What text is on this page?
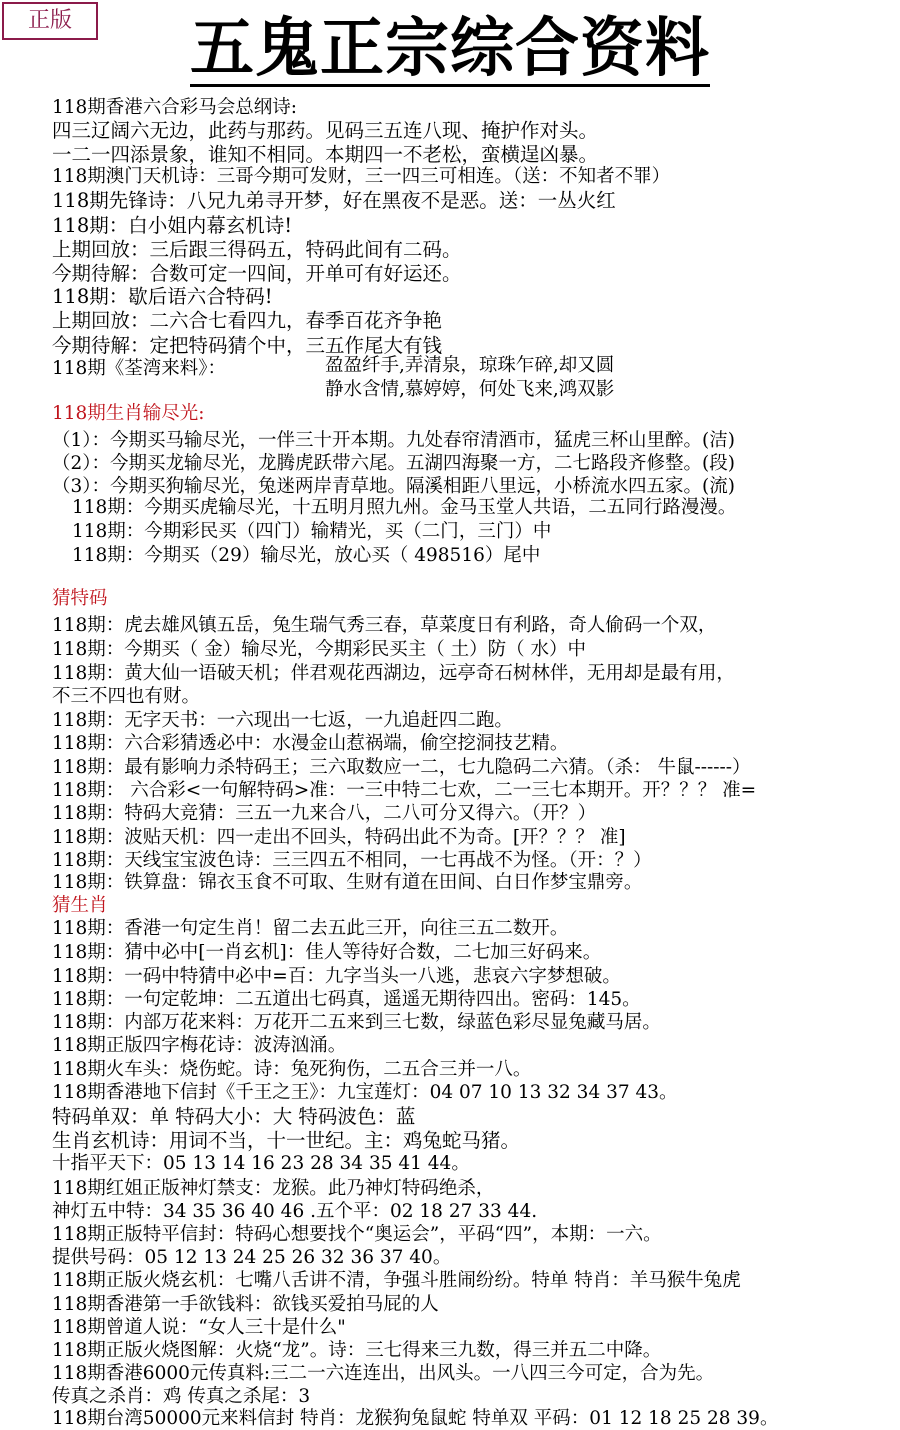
正版	五鬼正宗综合资料
118期香港六合彩马会总纲诗:
四三辽阔六无边，此药与那药。见码三五连八现、掩护作对头。
一二一四添景象，谁知不相同。本期四一不老松，蛮横逞凶暴。
118期澳门天机诗：三哥今期可发财，三一四三可相连。（送：不知者不罪）
118期先锋诗：八兄九弟寻开梦，好在黑夜不是恶。送：一丛火红
118期：白小姐内幕玄机诗!
上期回放：三后跟三得码五，特码此间有二码。
今期待解：合数可定一四间，开单可有好运还。
118期：歇后语六合特码!
上期回放：二六合七看四九，春季百花齐争艳
今期待解：定把特码猜个中，三五作尾大有钱
118期《荃湾来料》：	盈盈纤手,弄清泉，琼珠乍碎,却又圆
静水含情,慕婷婷，何处飞来,鸿双影
118期生肖输尽光:
（1）：今期买马输尽光，一伴三十开本期。九处春帘清酒市，猛虎三杯山里醉。(洁)
（2）：今期买龙输尽光，龙腾虎跃带六尾。五湖四海聚一方，二七路段齐修整。(段)
（3）：今期买狗输尽光，兔迷两岸青草地。隔溪相距八里远，小桥流水四五家。(流)
118期：今期买虎输尽光，十五明月照九州。金马玉堂人共语，二五同行路漫漫。
118期：今期彩民买（四门）输精光，买（二门，三门）中
118期：今期买（29）输尽光，放心买（ 498516）尾中
猜特码
118期：虎去雄风镇五岳，兔生瑞气秀三春，草菜度日有利路，奇人偷码一个双，
118期：今期买（ 金）输尽光，今期彩民买主（ 土）防（ 水）中
118期：黄大仙一语破天机；伴君观花西湖边，远亭奇石树林伴，无用却是最有用，
不三不四也有财。
118期：无字天书：一六现出一七返，一九追赶四二跑。
118期：六合彩猜透必中：水漫金山惹祸端，偷空挖洞技艺精。
118期：最有影响力杀特码王；三六取数应一二，七九隐码二六猜。（杀： 牛鼠------）
118期： 六合彩<一句解特码>准：一三中特二七欢，二一三七本期开。开？？？ 准=
118期：特码大竞猜：三五一九来合八，二八可分又得六。（开？）
118期：波贴天机：四一走出不回头，特码出此不为奇。[开？？？ 准]
118期：天线宝宝波色诗：三三四五不相同，一七再战不为怪。（开：？）
118期：铁算盘：锦衣玉食不可取、生财有道在田间、白日作梦宝鼎旁。
猜生肖
118期：香港一句定生肖！留二去五此三开，向往三五二数开。
118期：猜中必中[一肖玄机]：佳人等待好合数，二七加三好码来。
118期：一码中特猜中必中=百：九字当头一八逃，悲哀六字梦想破。
118期：一句定乾坤：二五道出七码真，遥遥无期待四出。密码：145。
118期：内部万花来料：万花开二五来到三七数，绿蓝色彩尽显兔藏马居。
118期正版四字梅花诗：波涛汹涌。
118期火车头：烧伤蛇。诗：兔死狗伤，二五合三并一八。
118期香港地下信封《千王之王》：九宝莲灯：04 07 10 13 32 34 37 43。
特码单双：单 特码大小：大 特码波色：蓝
生肖玄机诗：用词不当，十一世纪。主：鸡兔蛇马猪。
十指平天下：05 13 14 16 23 28 34 35 41 44。
118期红姐正版神灯禁支：龙猴。此乃神灯特码绝杀，
神灯五中特：34 35 36 40 46 .五个平：02 18 27 33 44.
118期正版特平信封：特码心想要找个“奥运会”，平码“四”，本期：一六。
提供号码：05 12 13 24 25 26 32 36 37 40。
118期正版火烧玄机：七嘴八舌讲不清，争强斗胜闹纷纷。特单 特肖：羊马猴牛兔虎
118期香港第一手欲钱料：欲钱买爱拍马屁的人
118期曾道人说：“女人三十是什么"
118期正版火烧图解：火烧“龙”。诗：三七得来三九数，得三并五二中降。
118期香港6000元传真料:三二一六连连出，出风头。一八四三今可定，合为先。
传真之杀肖：鸡 传真之杀尾：3
118期台湾50000元来料信封 特肖：龙猴狗兔鼠蛇 特单双 平码：01 12 18 25 28 39。
